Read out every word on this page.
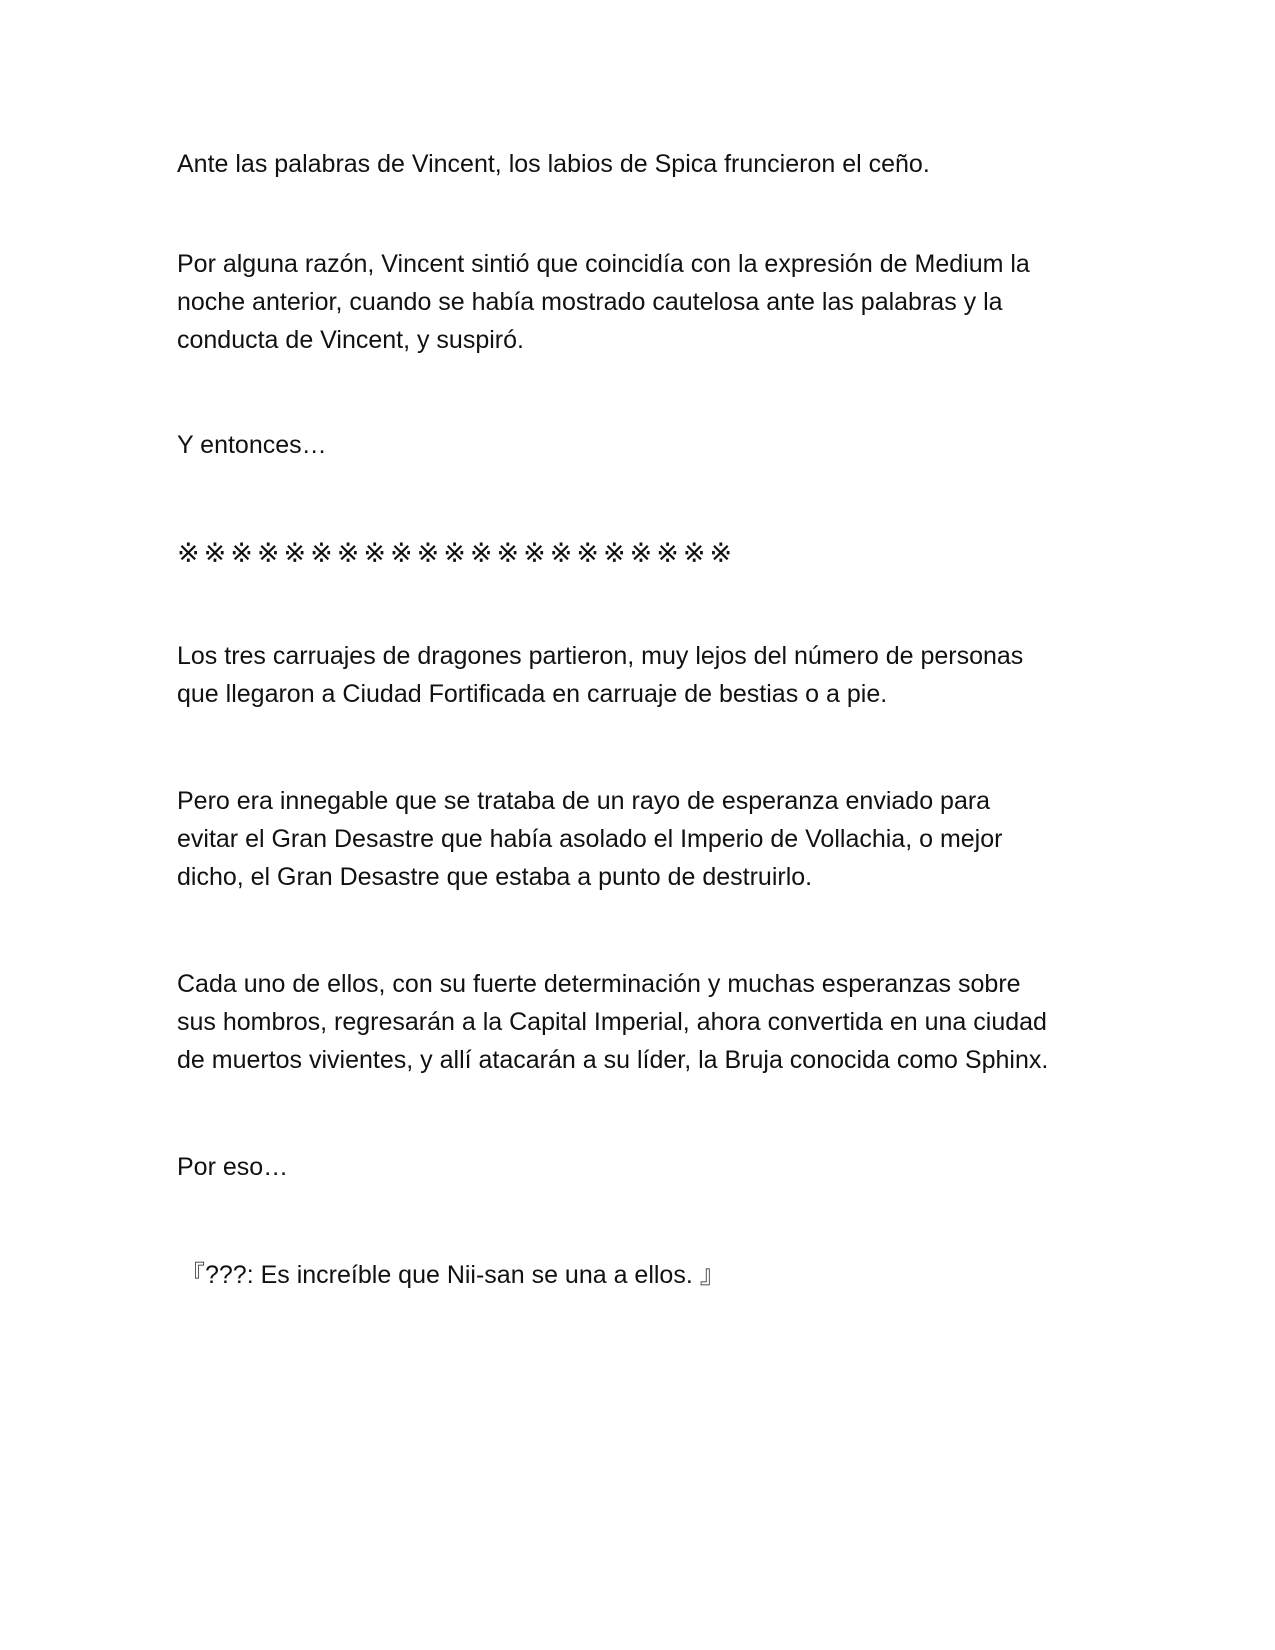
Ante las palabras de Vincent, los labios de Spica fruncieron el ceño.

Por alguna razón, Vincent sintió que coincidía con la expresión de Medium la

noche anterior, cuando se había mostrado cautelosa ante las palabras y la

conducta de Vincent, y suspiró.

Y entonces…

※※※※※※※※※※※※※※※※※※※※※

Los tres carruajes de dragones partieron, muy lejos del número de personas

que llegaron a Ciudad Fortificada en carruaje de bestias o a pie.

Pero era innegable que se trataba de un rayo de esperanza enviado para

evitar el Gran Desastre que había asolado el Imperio de Vollachia, o mejor

dicho, el Gran Desastre que estaba a punto de destruirlo.

Cada uno de ellos, con su fuerte determinación y muchas esperanzas sobre

sus hombros, regresarán a la Capital Imperial, ahora convertida en una ciudad

de muertos vivientes, y allí atacarán a su líder, la Bruja conocida como Sphinx.

Por eso…

『???: Es increíble que Nii-san se una a ellos. 』
